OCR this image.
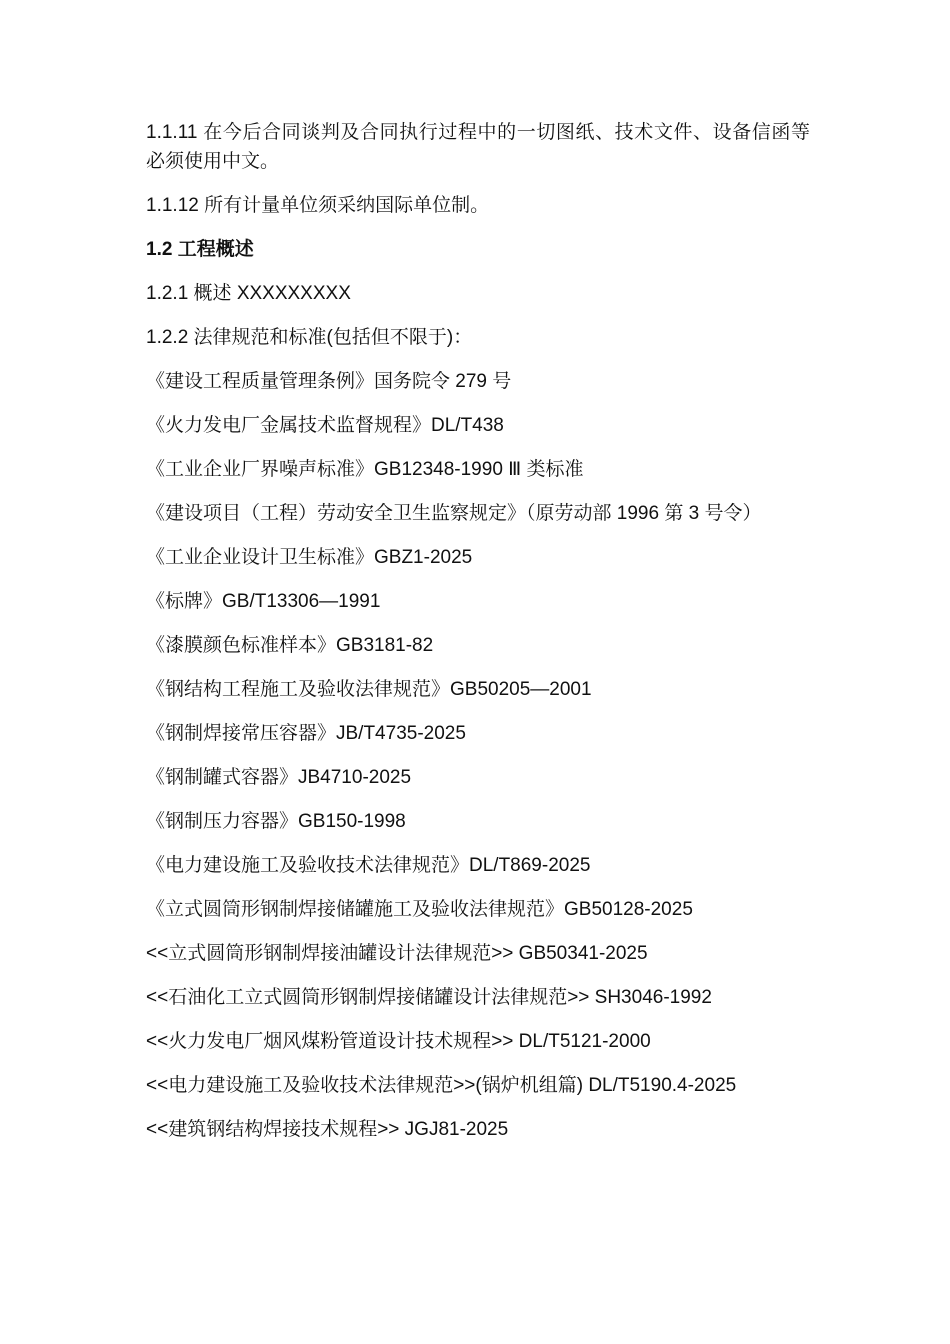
1.1.11 在今后合同谈判及合同执行过程中的一切图纸、技术文件、设备信函等必须使用中文。

1.1.12 所有计量单位须采纳国际单位制。

1.2 工程概述

1.2.1 概述 XXXXXXXXX

1.2.2 法律规范和标准(包括但不限于)：

《建设工程质量管理条例》国务院令 279 号

《火力发电厂金属技术监督规程》DL/T438

《工业企业厂界噪声标准》GB12348-1990 Ⅲ 类标准

《建设项目（工程）劳动安全卫生监察规定》（原劳动部 1996 第 3 号令）

《工业企业设计卫生标准》GBZ1-2025

《标牌》GB/T13306—1991

《漆膜颜色标准样本》GB3181-82

《钢结构工程施工及验收法律规范》GB50205—2001

《钢制焊接常压容器》JB/T4735-2025

《钢制罐式容器》JB4710-2025

《钢制压力容器》GB150-1998

《电力建设施工及验收技术法律规范》DL/T869-2025

《立式圆筒形钢制焊接储罐施工及验收法律规范》GB50128-2025

<<立式圆筒形钢制焊接油罐设计法律规范>> GB50341-2025

<<石油化工立式圆筒形钢制焊接储罐设计法律规范>> SH3046-1992

<<火力发电厂烟风煤粉管道设计技术规程>> DL/T5121-2000

<<电力建设施工及验收技术法律规范>>(锅炉机组篇) DL/T5190.4-2025

<<建筑钢结构焊接技术规程>> JGJ81-2025
